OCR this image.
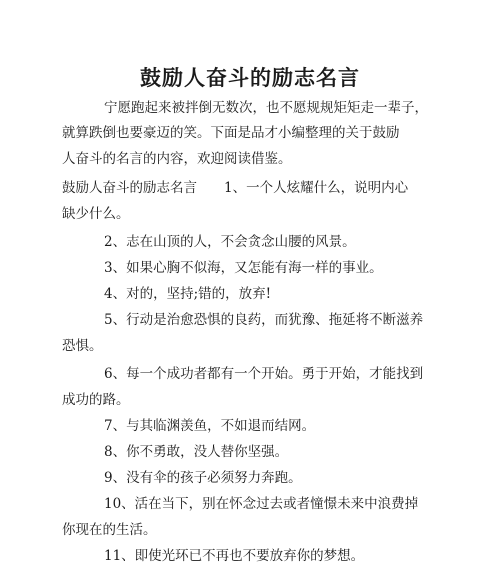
鼓励人奋斗的励志名言

宁愿跑起来被拌倒无数次，也不愿规规矩矩走一辈子，

就算跌倒也要豪迈的笑。下面是品才小编整理的关于鼓励

人奋斗的名言的内容，欢迎阅读借鉴。

鼓励人奋斗的励志名言　　1、一个人炫耀什么，说明内心

缺少什么。

2、志在山顶的人，不会贪念山腰的风景。

3、如果心胸不似海，又怎能有海一样的事业。

4、对的，坚持;错的，放弃!

5、行动是治愈恐惧的良药，而犹豫、拖延将不断滋养

恐惧。

6、每一个成功者都有一个开始。勇于开始，才能找到

成功的路。

7、与其临渊羡鱼，不如退而结网。

8、你不勇敢，没人替你坚强。

9、没有伞的孩子必须努力奔跑。

10、活在当下，别在怀念过去或者憧憬未来中浪费掉

你现在的生活。

11、即使光环已不再也不要放弃你的梦想。
